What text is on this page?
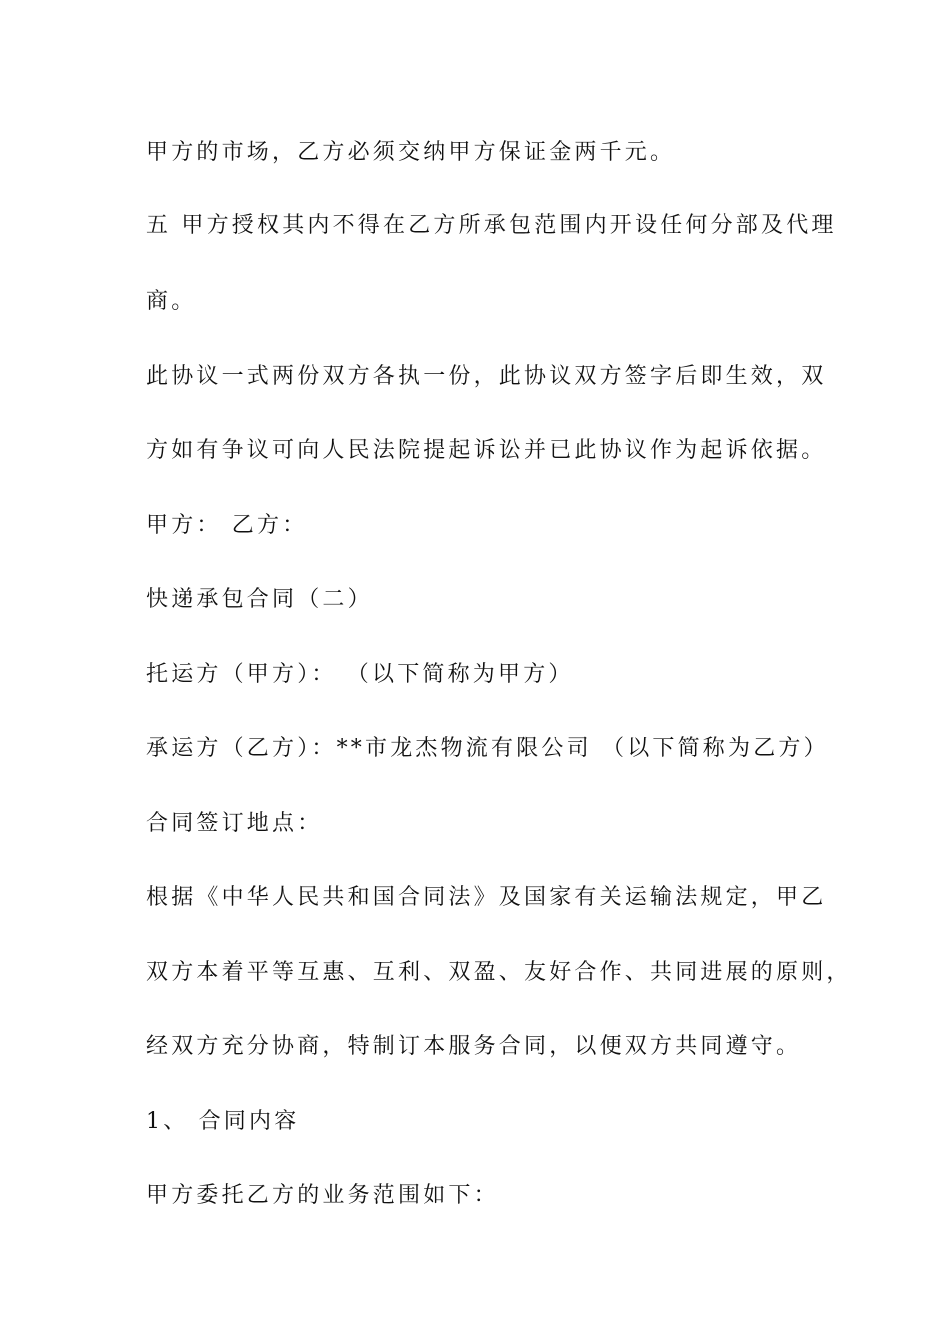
甲方的市场，乙方必须交纳甲方保证金两千元。
五 甲方授权其内不得在乙方所承包范围内开设任何分部及代理
商。
此协议一式两份双方各执一份，此协议双方签字后即生效，双
方如有争议可向人民法院提起诉讼并已此协议作为起诉依据。
甲方： 乙方：
快递承包合同（二）
托运方（甲方）： （以下简称为甲方）
承运方（乙方）：**市龙杰物流有限公司 （以下简称为乙方）
合同签订地点：
根据《中华人民共和国合同法》及国家有关运输法规定，甲乙
双方本着平等互惠、互利、双盈、友好合作、共同进展的原则，
经双方充分协商，特制订本服务合同，以便双方共同遵守。
1、 合同内容
甲方委托乙方的业务范围如下：
